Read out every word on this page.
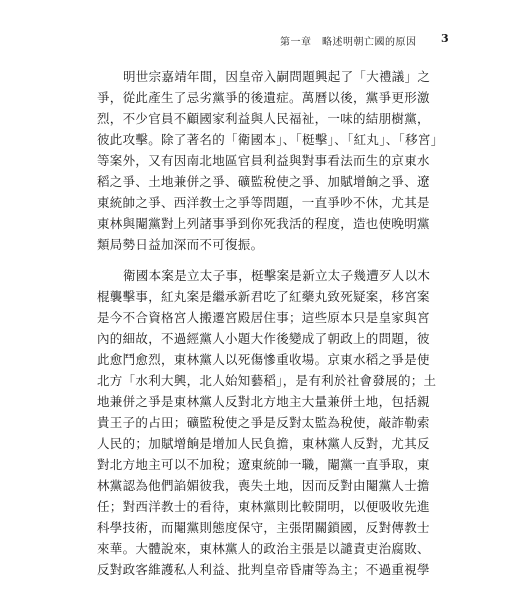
第一章　略述明朝亡國的原因 3
明世宗嘉靖年間，因皇帝入嗣問題興起了「大禮議」之
爭，從此產生了忌劣黨爭的後遺症。萬曆以後，黨爭更形激
烈，不少官員不顧國家利益與人民福祉，一味的結朋樹黨，
彼此攻擊。除了著名的「衛國本」、「梃擊」、「紅丸」、「移宮」
等案外，又有因南北地區官員利益與對事看法而生的京東水
稻之爭、土地兼併之爭、礦監稅使之爭、加賦增餉之爭、遼
東統帥之爭、西洋教士之爭等問題，一直爭吵不休，尤其是
東林與閹黨對上列諸事爭到你死我活的程度，造也使晚明黨
類局勢日益加深而不可復振。
衛國本案是立太子事，梃擊案是新立太子幾遭歹人以木
棍襲擊事，紅丸案是繼承新君吃了紅藥丸致死疑案，移宮案
是今不合資格宮人搬遷宮殿居住事；這些原本只是皇家與宮
內的細故，不過經黨人小題大作後變成了朝政上的問題，彼
此愈鬥愈烈，東林黨人以死傷慘重收場。京東水稻之爭是使
北方「水利大興，北人始知藝稻」，是有利於社會發展的；土
地兼併之爭是東林黨人反對北方地主大量兼併土地，包括親
貴王子的占田；礦監稅使之爭是反對太監為稅使，敲詐勒索
人民的；加賦增餉是增加人民負擔，東林黨人反對，尤其反
對北方地主可以不加稅；遼東統帥一職，閹黨一直爭取，東
林黨認為他們諂媚彼我，喪失土地，因而反對由閹黨人士擔
任；對西洋教士的看待，東林黨則比較開明，以便吸收先進
科學技術，而閹黨則態度保守，主張閉關鎖國，反對傳教士
來華。大體說來，東林黨人的政治主張是以譴責吏治腐敗、
反對政客維護私人利益、批判皇帝昏庸等為主；不過重視學
